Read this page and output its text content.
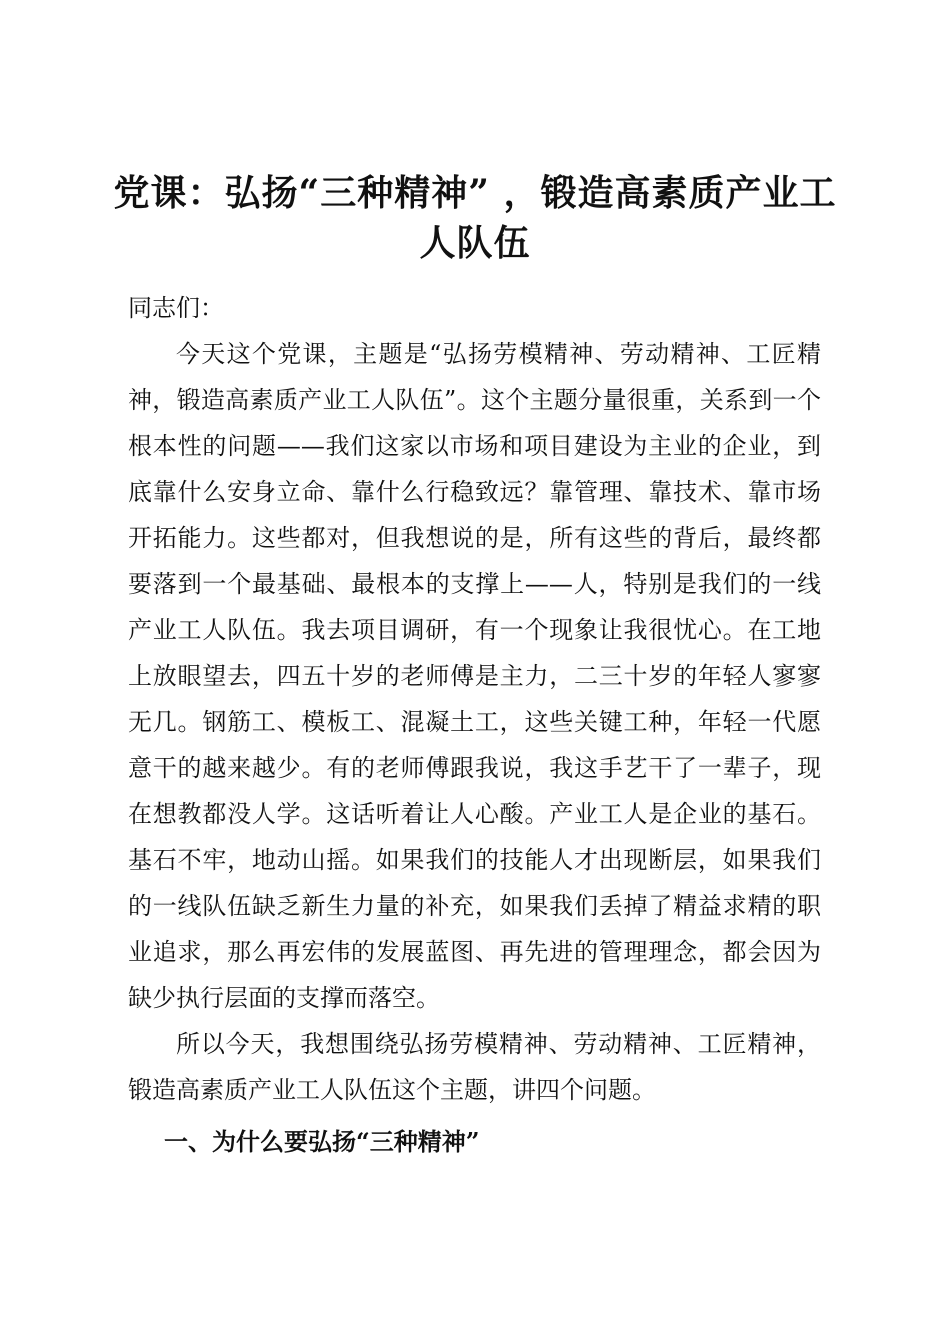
党课：弘扬“三种精神” ，锻造高素质产业工人队伍

同志们：

今天这个党课，主题是“弘扬劳模精神、劳动精神、工匠精神，锻造高素质产业工人队伍”。这个主题分量很重，关系到一个根本性的问题——我们这家以市场和项目建设为主业的企业，到底靠什么安身立命、靠什么行稳致远？靠管理、靠技术、靠市场开拓能力。这些都对，但我想说的是，所有这些的背后，最终都要落到一个最基础、最根本的支撑上——人，特别是我们的一线产业工人队伍。我去项目调研，有一个现象让我很忧心。在工地上放眼望去，四五十岁的老师傅是主力，二三十岁的年轻人寥寥无几。钢筋工、模板工、混凝土工，这些关键工种，年轻一代愿意干的越来越少。有的老师傅跟我说，我这手艺干了一辈子，现在想教都没人学。这话听着让人心酸。产业工人是企业的基石。基石不牢，地动山摇。如果我们的技能人才出现断层，如果我们的一线队伍缺乏新生力量的补充，如果我们丢掉了精益求精的职业追求，那么再宏伟的发展蓝图、再先进的管理理念，都会因为缺少执行层面的支撑而落空。

所以今天，我想围绕弘扬劳模精神、劳动精神、工匠精神，锻造高素质产业工人队伍这个主题，讲四个问题。

一、为什么要弘扬“三种精神”
